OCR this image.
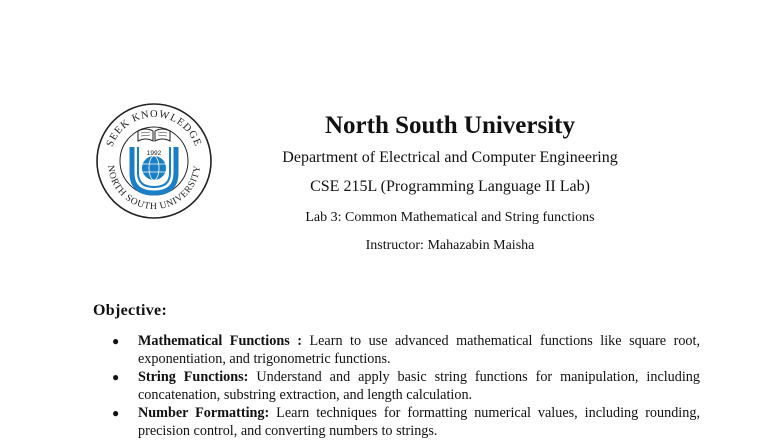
SEEK KNOWLEDGE
NORTH SOUTH UNIVERSITY
1992
North South University
Department of Electrical and Computer Engineering
CSE 215L (Programming Language II Lab)
Lab 3: Common Mathematical and String functions
Instructor: Mahazabin Maisha
Objective:
● Mathematical Functions : Learn to use advanced mathematical functions like square root, exponentiation, and trigonometric functions.
● String Functions: Understand and apply basic string functions for manipulation, including concatenation, substring extraction, and length calculation.
● Number Formatting: Learn techniques for formatting numerical values, including rounding, precision control, and converting numbers to strings.
